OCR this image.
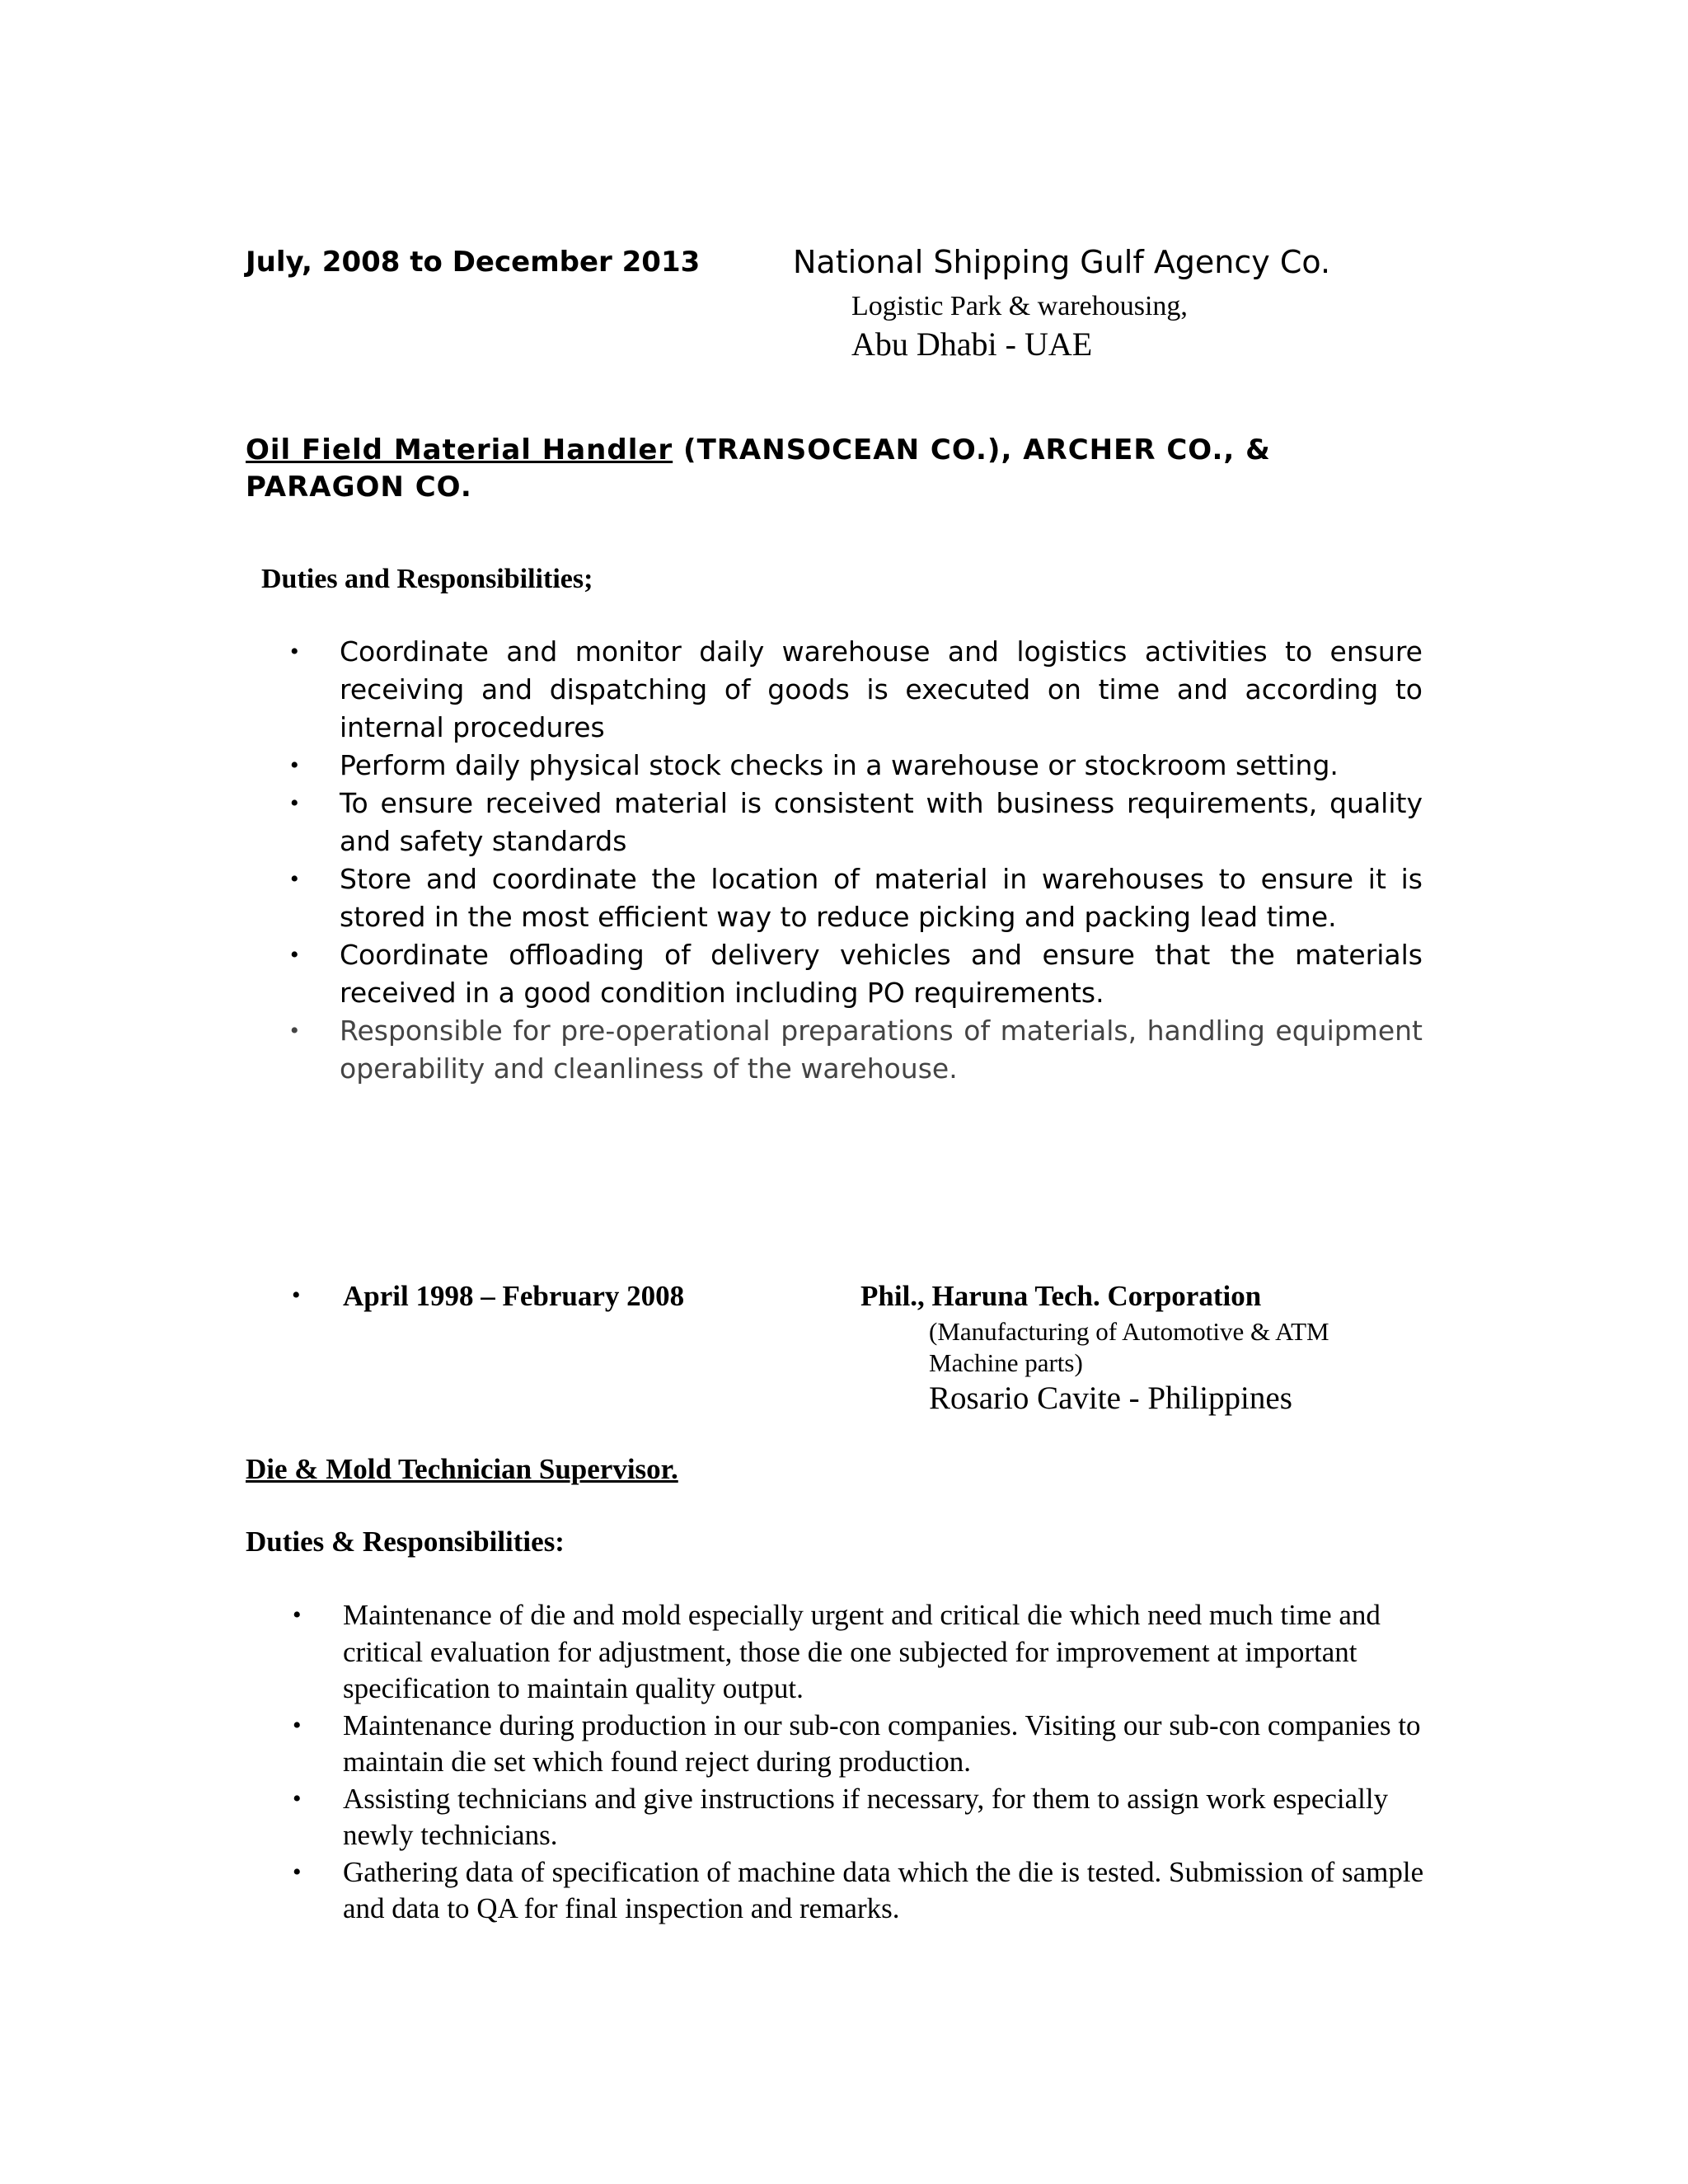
July, 2008 to December 2013	National Shipping Gulf Agency Co.
Logistic Park & warehousing,
Abu Dhabi - UAE
Oil Field Material Handler (TRANSOCEAN CO.), ARCHER CO., & PARAGON CO.
Duties and Responsibilities;
• Coordinate and monitor daily warehouse and logistics activities to ensure receiving and dispatching of goods is executed on time and according to internal procedures
• Perform daily physical stock checks in a warehouse or stockroom setting.
• To ensure received material is consistent with business requirements, quality and safety standards
• Store and coordinate the location of material in warehouses to ensure it is stored in the most efficient way to reduce picking and packing lead time.
• Coordinate offloading of delivery vehicles and ensure that the materials received in a good condition including PO requirements.
• Responsible for pre-operational preparations of materials, handling equipment operability and cleanliness of the warehouse.
• April 1998 – February 2008	Phil., Haruna Tech. Corporation
(Manufacturing of Automotive & ATM
Machine parts)
Rosario Cavite - Philippines
Die & Mold Technician Supervisor.
Duties & Responsibilities:
• Maintenance of die and mold especially urgent and critical die which need much time and critical evaluation for adjustment, those die one subjected for improvement at important specification to maintain quality output.
• Maintenance during production in our sub-con companies. Visiting our sub-con companies to maintain die set which found reject during production.
• Assisting technicians and give instructions if necessary, for them to assign work especially newly technicians.
• Gathering data of specification of machine data which the die is tested. Submission of sample and data to QA for final inspection and remarks.
